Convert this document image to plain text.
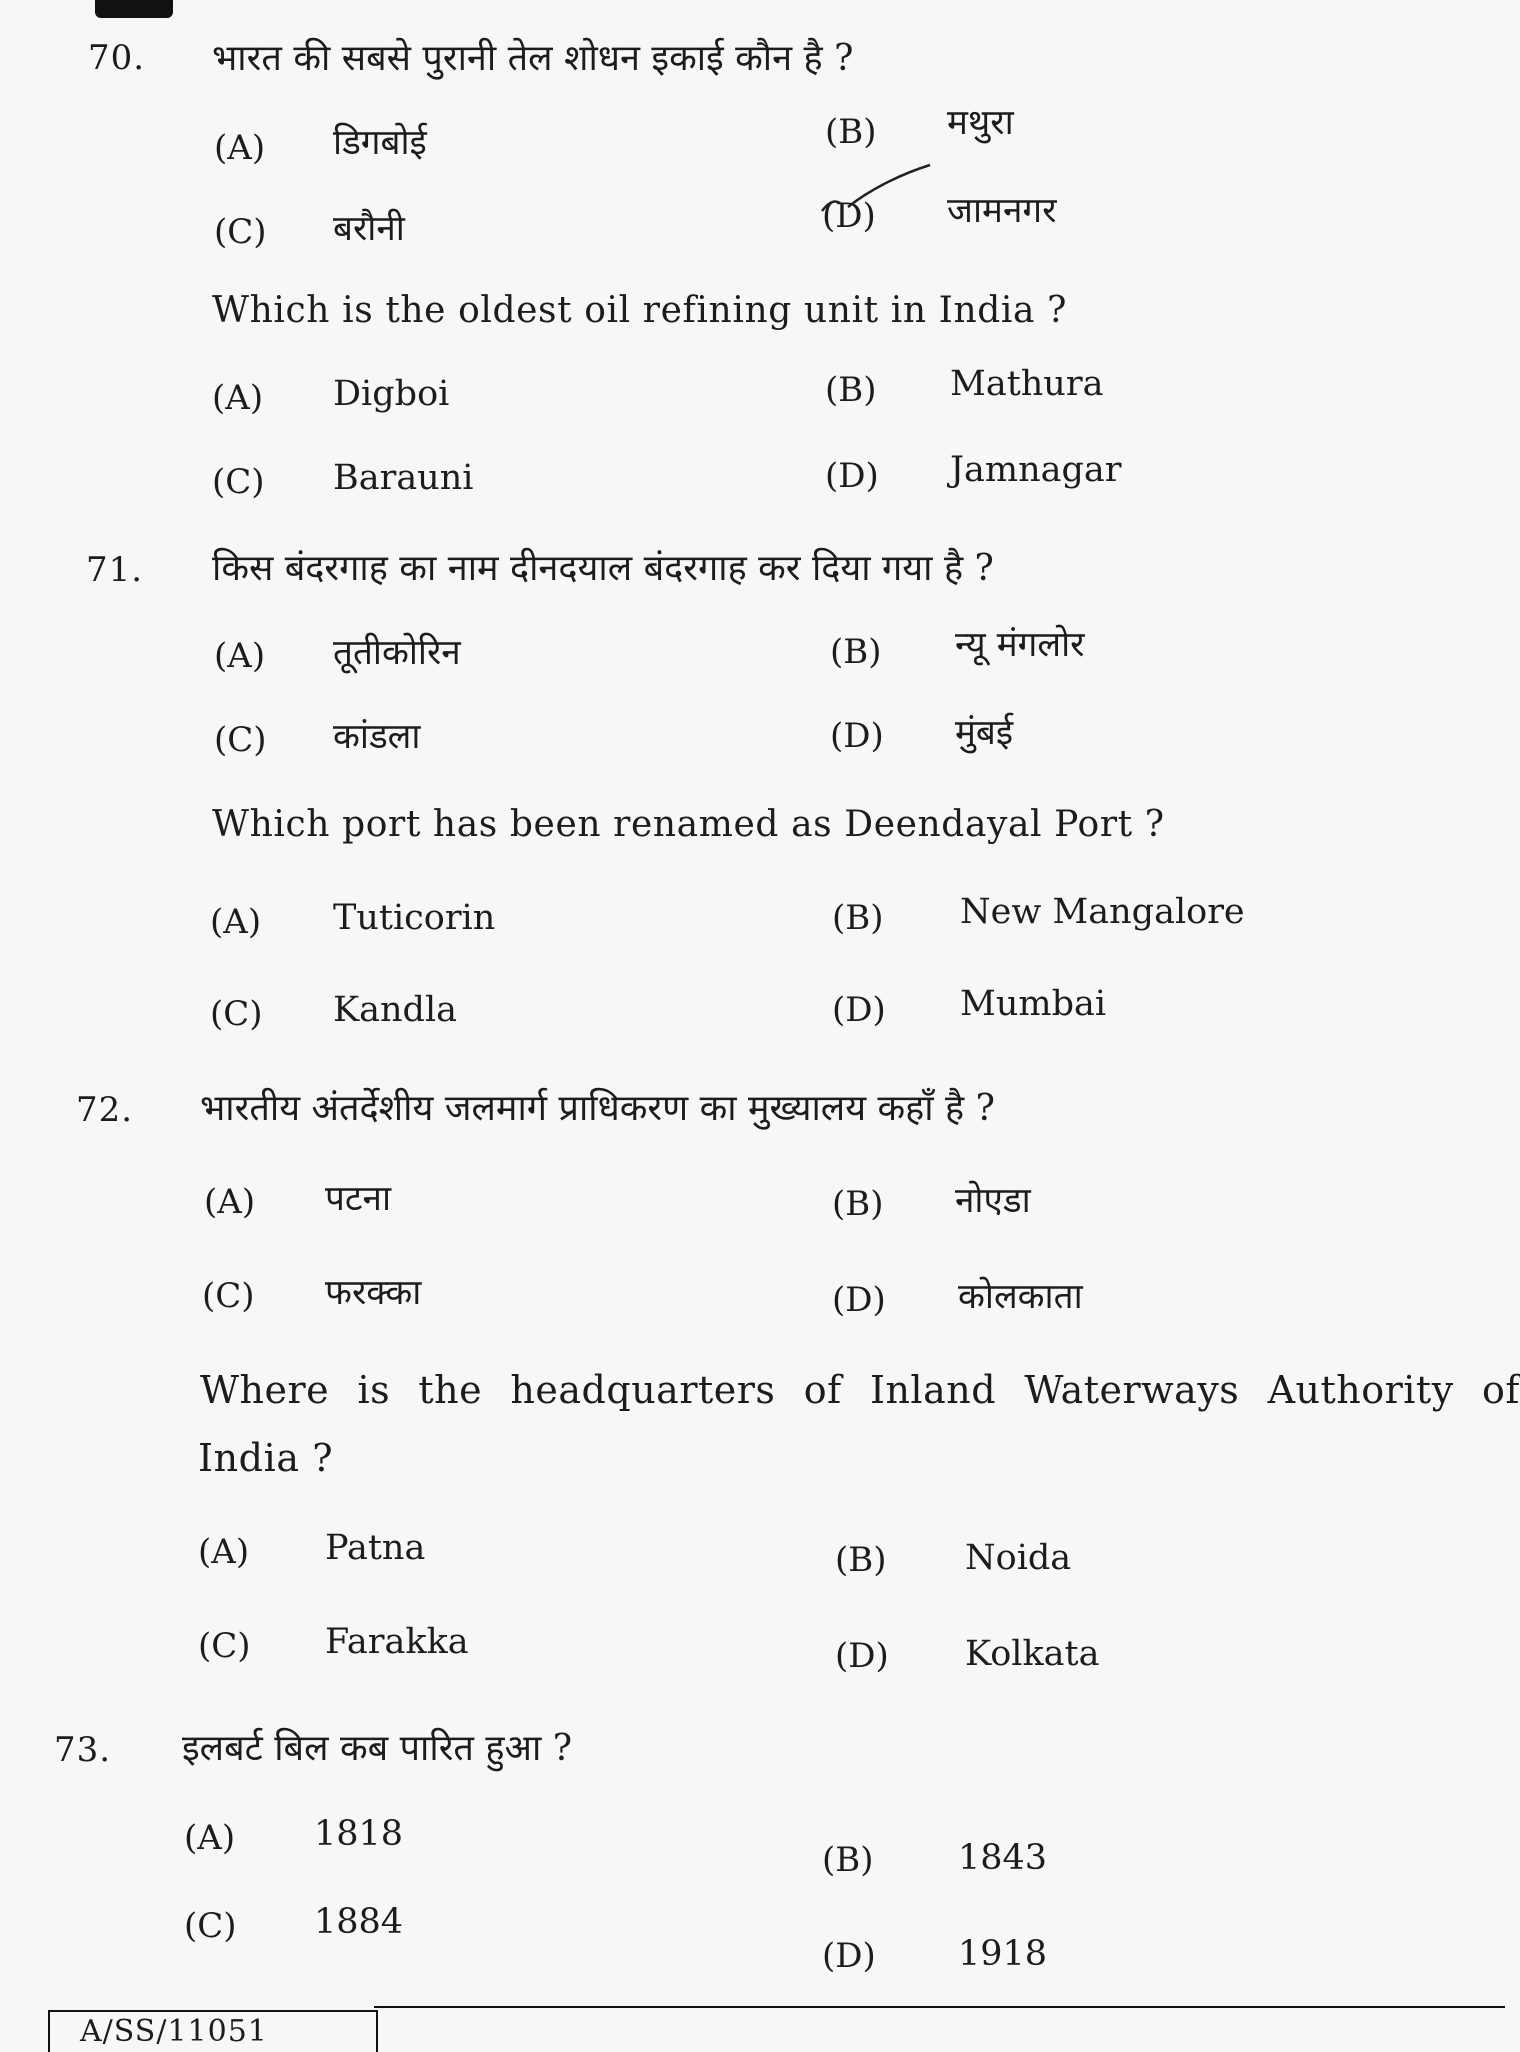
70. भारत की सबसे पुरानी तेल शोधन इकाई कौन है ?
(A) डिगबोई	(B) मथुरा
(C) बरौनी	(D) जामनगर
Which is the oldest oil refining unit in India ?
(A) Digboi	(B) Mathura
(C) Barauni	(D) Jamnagar
71. किस बंदरगाह का नाम दीनदयाल बंदरगाह कर दिया गया है ?
(A) तूतीकोरिन	(B) न्यू मंगलोर
(C) कांडला	(D) मुंबई
Which port has been renamed as Deendayal Port ?
(A) Tuticorin	(B) New Mangalore
(C) Kandla	(D) Mumbai
72. भारतीय अंतर्देशीय जलमार्ग प्राधिकरण का मुख्यालय कहाँ है ?
(A) पटना	(B) नोएडा
(C) फरक्का	(D) कोलकाता
Where is the headquarters of Inland Waterways Authority of
India ?
(A) Patna	(B) Noida
(C) Farakka	(D) Kolkata
73. इलबर्ट बिल कब पारित हुआ ?
(A) 1818
(B) 1843
(C) 1884
(D) 1918
A/SS/11051
